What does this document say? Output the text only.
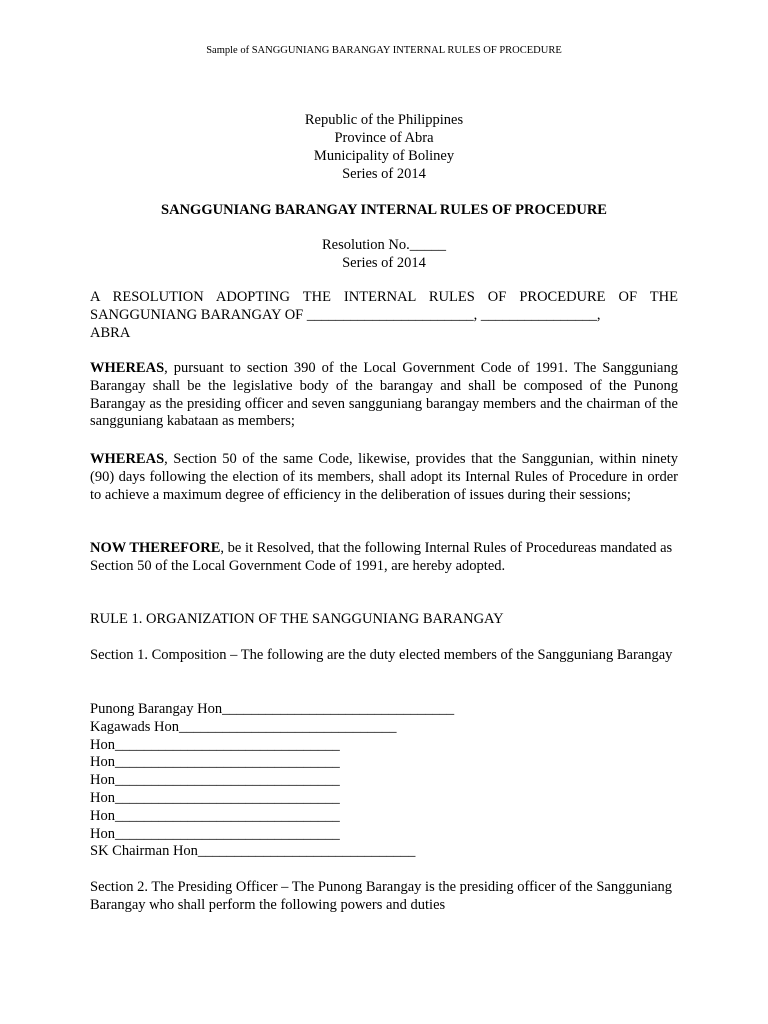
Sample of SANGGUNIANG BARANGAY INTERNAL RULES OF PROCEDURE
Republic of the Philippines
Province of Abra
Municipality of Boliney
Series of 2014
SANGGUNIANG BARANGAY INTERNAL RULES OF PROCEDURE
Resolution No._____
Series of 2014
A RESOLUTION ADOPTING THE INTERNAL RULES OF PROCEDURE OF THE
SANGGUNIANG BARANGAY OF _______________________, ________________,
ABRA
WHEREAS, pursuant to section 390 of the Local Government Code of 1991. The Sangguniang Barangay shall be the legislative body of the barangay and shall be composed of the Punong Barangay as the presiding officer and seven sangguniang barangay members and the chairman of the sangguniang kabataan as members;
WHEREAS, Section 50 of the same Code, likewise, provides that the Sanggunian, within ninety (90) days following the election of its members, shall adopt its Internal Rules of Procedure in order to achieve a maximum degree of efficiency in the deliberation of issues during their sessions;
NOW THEREFORE, be it Resolved, that the following Internal Rules of Procedureas mandated as Section 50 of the Local Government Code of 1991, are hereby adopted.
RULE 1. ORGANIZATION OF THE SANGGUNIANG BARANGAY
Section 1. Composition – The following are the duty elected members of the Sangguniang Barangay
Punong Barangay Hon________________________________
Kagawads Hon______________________________
Hon_______________________________
Hon_______________________________
Hon_______________________________
Hon_______________________________
Hon_______________________________
Hon_______________________________
SK Chairman Hon______________________________
Section 2. The Presiding Officer – The Punong Barangay is the presiding officer of the Sangguniang Barangay who shall perform the following powers and duties
